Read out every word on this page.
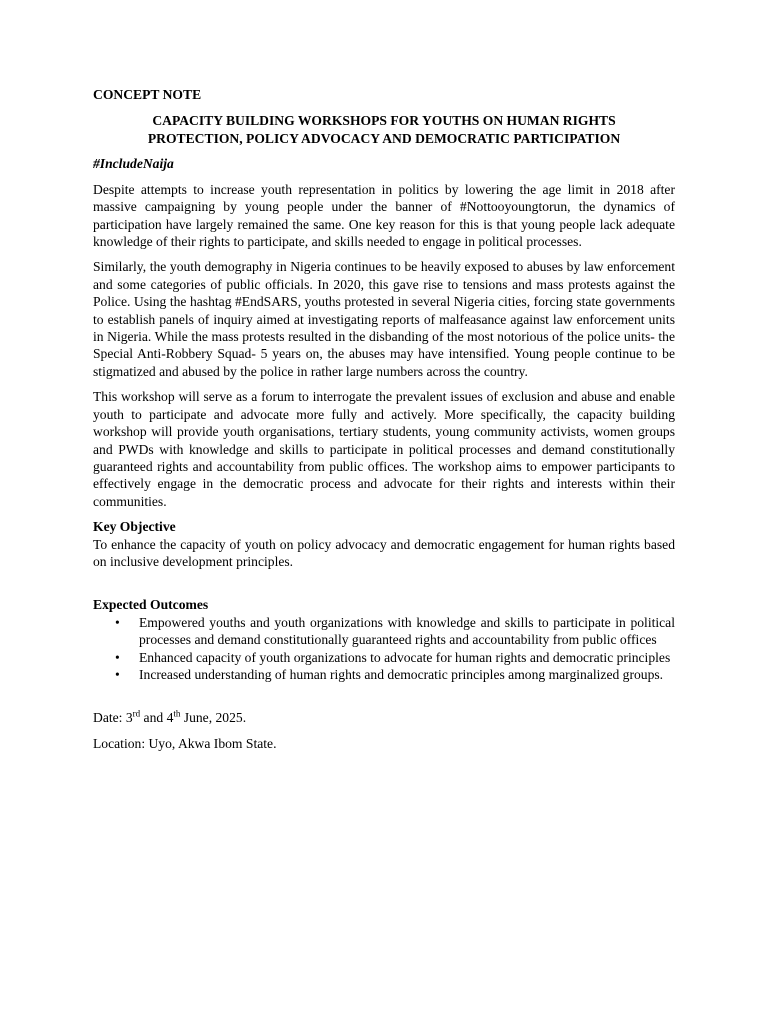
CONCEPT NOTE

CAPACITY BUILDING WORKSHOPS FOR YOUTHS ON HUMAN RIGHTS
PROTECTION, POLICY ADVOCACY AND DEMOCRATIC PARTICIPATION

#IncludeNaija

Despite attempts to increase youth representation in politics by lowering the age limit in 2018 after massive campaigning by young people under the banner of #Nottooyoungtorun, the dynamics of participation have largely remained the same. One key reason for this is that young people lack adequate knowledge of their rights to participate, and skills needed to engage in political processes.

Similarly, the youth demography in Nigeria continues to be heavily exposed to abuses by law enforcement and some categories of public officials. In 2020, this gave rise to tensions and mass protests against the Police. Using the hashtag #EndSARS, youths protested in several Nigeria cities, forcing state governments to establish panels of inquiry aimed at investigating reports of malfeasance against law enforcement units in Nigeria. While the mass protests resulted in the disbanding of the most notorious of the police units- the Special Anti-Robbery Squad- 5 years on, the abuses may have intensified. Young people continue to be stigmatized and abused by the police in rather large numbers across the country.

This workshop will serve as a forum to interrogate the prevalent issues of exclusion and abuse and enable youth to participate and advocate more fully and actively. More specifically, the capacity building workshop will provide youth organisations, tertiary students, young community activists, women groups and PWDs with knowledge and skills to participate in political processes and demand constitutionally guaranteed rights and accountability from public offices. The workshop aims to empower participants to effectively engage in the democratic process and advocate for their rights and interests within their communities.

Key Objective

To enhance the capacity of youth on policy advocacy and democratic engagement for human rights based on inclusive development principles.

Expected Outcomes

• Empowered youths and youth organizations with knowledge and skills to participate in political processes and demand constitutionally guaranteed rights and accountability from public offices
• Enhanced capacity of youth organizations to advocate for human rights and democratic principles
• Increased understanding of human rights and democratic principles among marginalized groups.

Date: 3rd and 4th June, 2025.

Location: Uyo, Akwa Ibom State.
